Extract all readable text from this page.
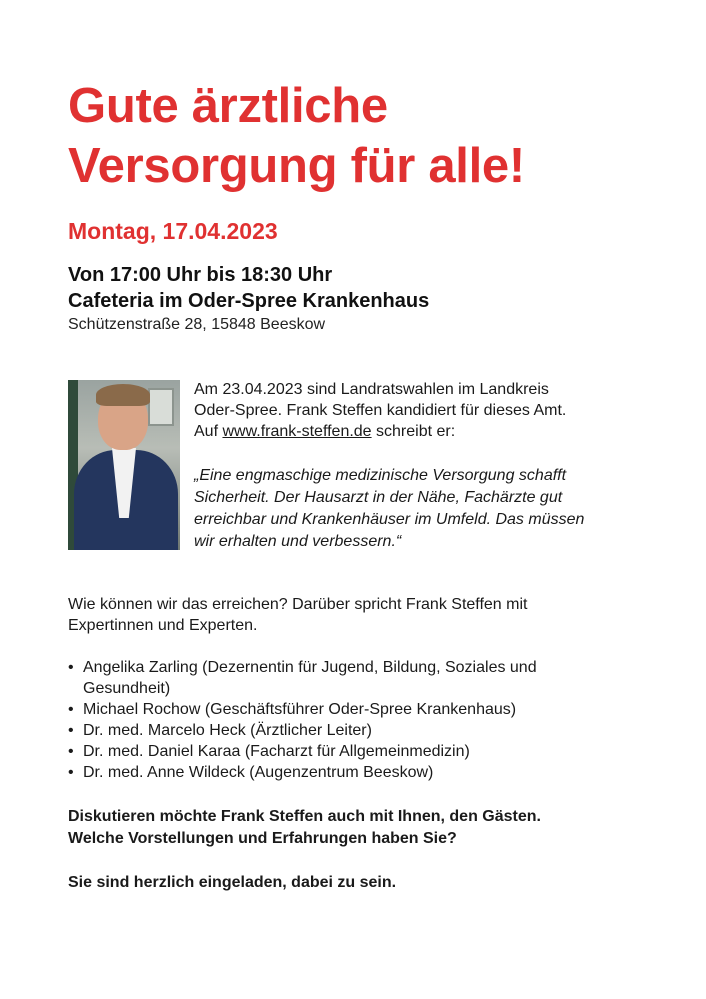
Gute ärztliche
Versorgung für alle!
Montag, 17.04.2023
Von 17:00 Uhr bis 18:30 Uhr
Cafeteria im Oder-Spree Krankenhaus
Schützenstraße 28, 15848 Beeskow

Am 23.04.2023 sind Landratswahlen im Landkreis

Oder-Spree. Frank Steffen kandidiert für dieses Amt.

Auf www.frank-steffen.de schreibt er:

„Eine engmaschige medizinische Versorgung schafft
Sicherheit. Der Hausarzt in der Nähe, Fachärzte gut
erreichbar und Krankenhäuser im Umfeld. Das müssen
wir erhalten und verbessern.“
Wie können wir das erreichen? Darüber spricht Frank Steffen mit
Expertinnen und Experten.
• Angelika Zarling (Dezernentin für Jugend, Bildung, Soziales und
Gesundheit)
• Michael Rochow (Geschäftsführer Oder-Spree Krankenhaus)
• Dr. med. Marcelo Heck (Ärztlicher Leiter)
• Dr. med. Daniel Karaa (Facharzt für Allgemeinmedizin)
• Dr. med. Anne Wildeck (Augenzentrum Beeskow)

Diskutieren möchte Frank Steffen auch mit Ihnen, den Gästen.

Welche Vorstellungen und Erfahrungen haben Sie?

Sie sind herzlich eingeladen, dabei zu sein.
